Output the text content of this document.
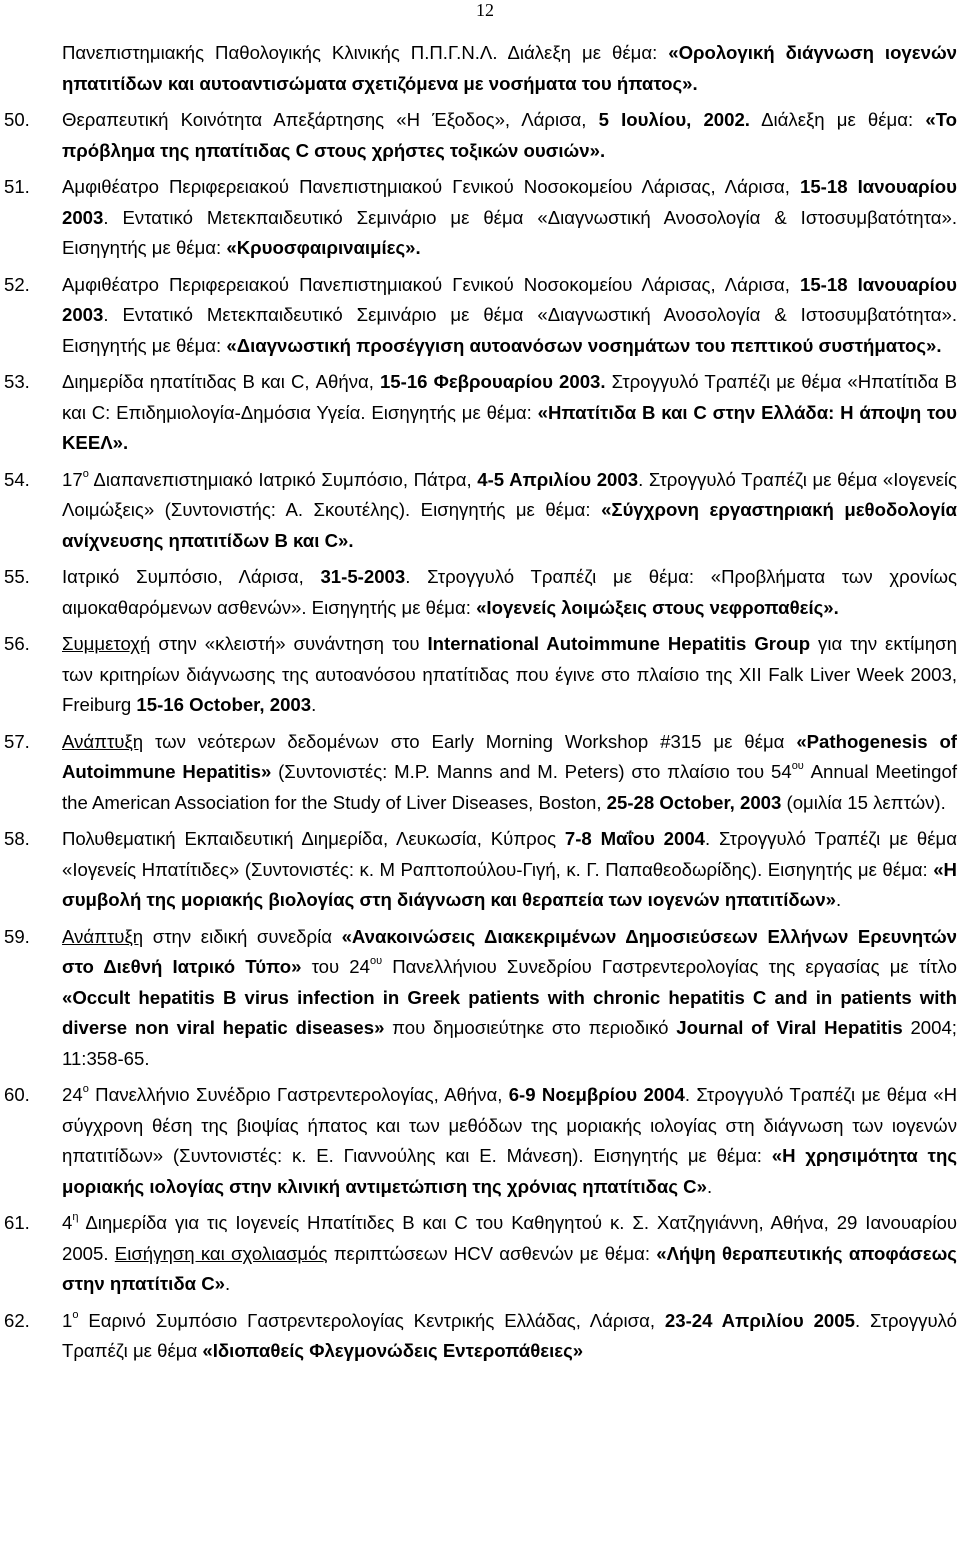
12
Πανεπιστημιακής Παθολογικής Κλινικής Π.Π.Γ.Ν.Λ. Διάλεξη με θέμα: «Ορολογική διάγνωση ιογενών ηπατιτίδων και αυτοαντισώματα σχετιζόμενα με νοσήματα του ήπατος».
50. Θεραπευτική Κοινότητα Απεξάρτησης «Η Έξοδος», Λάρισα, 5 Ιουλίου, 2002. Διάλεξη με θέμα: «Το πρόβλημα της ηπατίτιδας C στους χρήστες τοξικών ουσιών».
51. Αμφιθέατρο Περιφερειακού Πανεπιστημιακού Γενικού Νοσοκομείου Λάρισας, Λάρισα, 15-18 Ιανουαρίου 2003. Εντατικό Μετεκπαιδευτικό Σεμινάριο με θέμα «Διαγνωστική Ανοσολογία & Ιστοσυμβατότητα». Εισηγητής με θέμα: «Κρυοσφαιριναιμίες».
52. Αμφιθέατρο Περιφερειακού Πανεπιστημιακού Γενικού Νοσοκομείου Λάρισας, Λάρισα, 15-18 Ιανουαρίου 2003. Εντατικό Μετεκπαιδευτικό Σεμινάριο με θέμα «Διαγνωστική Ανοσολογία & Ιστοσυμβατότητα». Εισηγητής με θέμα: «Διαγνωστική προσέγγιση αυτοανόσων νοσημάτων του πεπτικού συστήματος».
53. Διημερίδα ηπατίτιδας Β και C, Αθήνα, 15-16 Φεβρουαρίου 2003. Στρογγυλό Τραπέζι με θέμα «Ηπατίτιδα Β και C: Επιδημιολογία-Δημόσια Υγεία. Εισηγητής με θέμα: «Ηπατίτιδα Β και C στην Ελλάδα: Η άποψη του ΚΕΕΛ».
54. $17^o$ Διαπανεπιστημιακό Ιατρικό Συμπόσιο, Πάτρα, 4-5 Απριλίου 2003. Στρογγυλό Τραπέζι με θέμα «Ιογενείς Λοιμώξεις» (Συντονιστής: Α. Σκουτέλης). Εισηγητής με θέμα: «Σύγχρονη εργαστηριακή μεθοδολογία ανίχνευσης ηπατιτίδων Β και C».
55. Ιατρικό Συμπόσιο, Λάρισα, 31-5-2003. Στρογγυλό Τραπέζι με θέμα: «Προβλήματα των χρονίως αιμοκαθαρόμενων ασθενών». Εισηγητής με θέμα: «Ιογενείς λοιμώξεις στους νεφροπαθείς».
56. Συμμετοχή στην «κλειστή» συνάντηση του International Autoimmune Hepatitis Group για την εκτίμηση των κριτηρίων διάγνωσης της αυτοανόσου ηπατίτιδας που έγινε στο πλαίσιο της XII Falk Liver Week 2003, Freiburg 15-16 October, 2003.
57. Ανάπτυξη των νεότερων δεδομένων στο Early Morning Workshop #315 με θέμα «Pathogenesis of Autoimmune Hepatitis» (Συντονιστές: M.P. Manns and M. Peters) στο πλαίσιο του $54^{o\upsilon}$ Annual Meetingof the American Association for the Study of Liver Diseases, Boston, 25-28 October, 2003 (ομιλία 15 λεπτών).
58. Πολυθεματική Εκπαιδευτική Διημερίδα, Λευκωσία, Κύπρος 7-8 Μαΐου 2004. Στρογγυλό Τραπέζι με θέμα «Ιογενείς Ηπατίτιδες» (Συντονιστές: κ. Μ Ραπτοπούλου-Γιγή, κ. Γ. Παπαθεοδωρίδης). Εισηγητής με θέμα: «Η συμβολή της μοριακής βιολογίας στη διάγνωση και θεραπεία των ιογενών ηπατιτίδων».
59. Ανάπτυξη στην ειδική συνεδρία «Ανακοινώσεις Διακεκριμένων Δημοσιεύσεων Ελλήνων Ερευνητών στο Διεθνή Ιατρικό Τύπο» του $24^{o\upsilon}$ Πανελλήνιου Συνεδρίου Γαστρεντερολογίας της εργασίας με τίτλο «Occult hepatitis B virus infection in Greek patients with chronic hepatitis C and in patients with diverse non viral hepatic diseases» που δημοσιεύτηκε στο περιοδικό Journal of Viral Hepatitis 2004; 11:358-65.
60. $24^o$ Πανελλήνιο Συνέδριο Γαστρεντερολογίας, Αθήνα, 6-9 Νοεμβρίου 2004. Στρογγυλό Τραπέζι με θέμα «Η σύγχρονη θέση της βιοψίας ήπατος και των μεθόδων της μοριακής ιολογίας στη διάγνωση των ιογενών ηπατιτίδων» (Συντονιστές: κ. Ε. Γιαννούλης και Ε. Μάνεση). Εισηγητής με θέμα: «Η χρησιμότητα της μοριακής ιολογίας στην κλινική αντιμετώπιση της χρόνιας ηπατίτιδας C».
61. $4^\eta$ Διημερίδα για τις Ιογενείς Ηπατίτιδες Β και C του Καθηγητού κ. Σ. Χατζηγιάννη, Αθήνα, 29 Ιανουαρίου 2005. Εισήγηση και σχολιασμός περιπτώσεων HCV ασθενών με θέμα: «Λήψη θεραπευτικής αποφάσεως στην ηπατίτιδα C».
62. $1^o$ Εαρινό Συμπόσιο Γαστρεντερολογίας Κεντρικής Ελλάδας, Λάρισα, 23-24 Απριλίου 2005. Στρογγυλό Τραπέζι με θέμα «Ιδιοπαθείς Φλεγμονώδεις Εντεροπάθειες»
